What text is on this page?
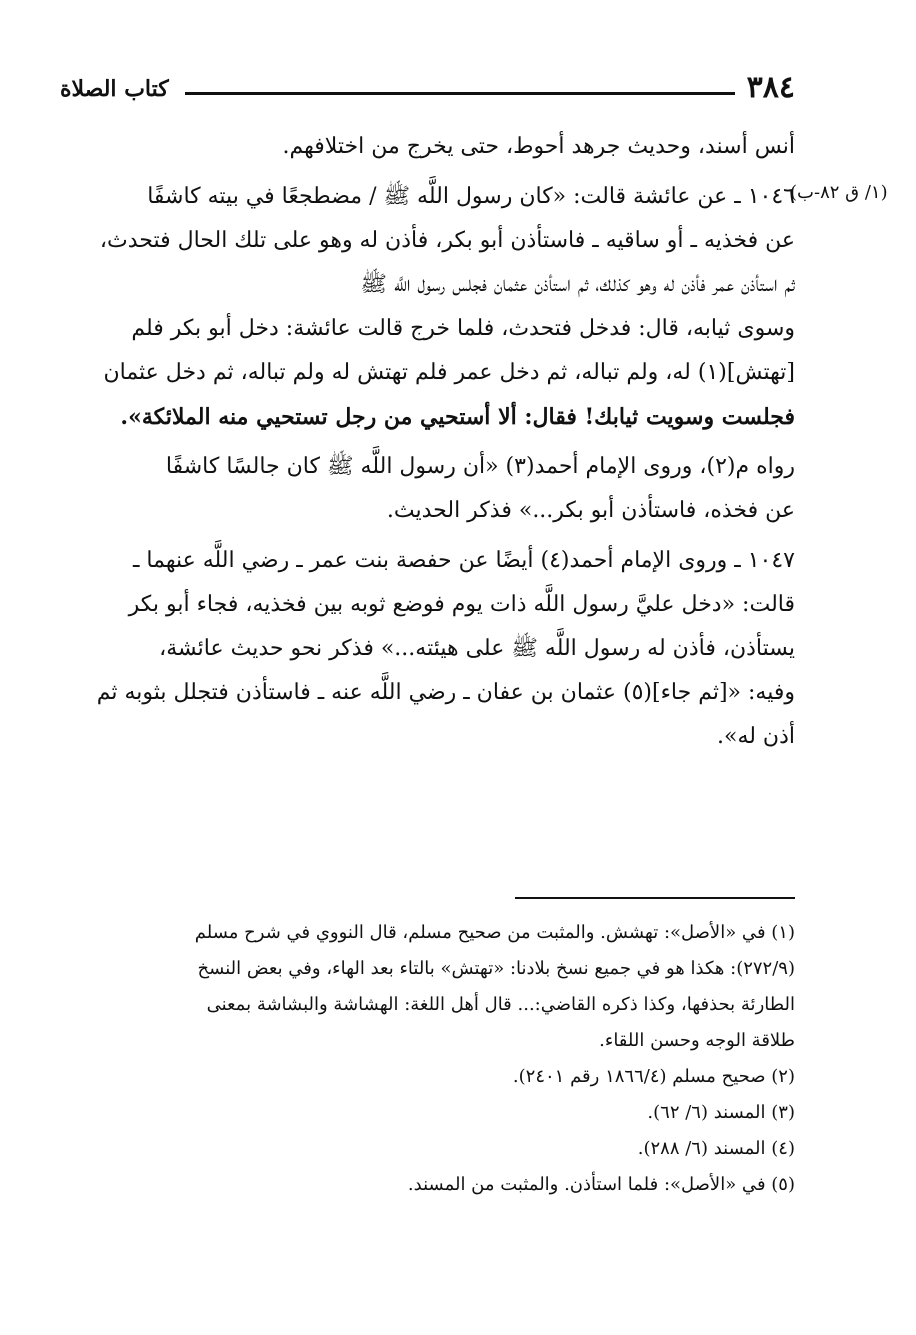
٣٨٤
كتاب الصلاة
(١/ ق ٨٢-ب)
أنس أسند، وحديث جرهد أحوط، حتى يخرج من اختلافهم.
١٠٤٦ ـ عن عائشة قالت: «كان رسول اللَّه ﷺ / مضطجعًا في بيته كاشفًا
عن فخذيه ـ أو ساقيه ـ فاستأذن أبو بكر، فأذن له وهو على تلك الحال فتحدث،
ثم استأذن عمر فأذن له وهو كذلك، ثم استأذن عثمان فجلس رسول اللَّه ﷺ
وسوى ثيابه، قال: فدخل فتحدث، فلما خرج قالت عائشة: دخل أبو بكر فلم
[تهتش](١) له، ولم تباله، ثم دخل عمر فلم تهتش له ولم تباله، ثم دخل عثمان
فجلست وسويت ثيابك! فقال: ألا أستحيي من رجل تستحيي منه الملائكة».
رواه م(٢)، وروى الإمام أحمد(٣) «أن رسول اللَّه ﷺ كان جالسًا كاشفًا
عن فخذه، فاستأذن أبو بكر...» فذكر الحديث.
١٠٤٧ ـ وروى الإمام أحمد(٤) أيضًا عن حفصة بنت عمر ـ رضي اللَّه عنهما ـ
قالت: «دخل عليَّ رسول اللَّه ذات يوم فوضع ثوبه بين فخذيه، فجاء أبو بكر
يستأذن، فأذن له رسول اللَّه ﷺ على هيئته...» فذكر نحو حديث عائشة،
وفيه: «[ثم جاء](٥) عثمان بن عفان ـ رضي اللَّه عنه ـ فاستأذن فتجلل بثوبه ثم
أذن له».
(١) في «الأصل»: تهشش. والمثبت من صحيح مسلم، قال النووي في شرح مسلم
(٢٧٢/٩): هكذا هو في جميع نسخ بلادنا: «تهتش» بالتاء بعد الهاء، وفي بعض النسخ
الطارئة بحذفها، وكذا ذكره القاضي:... قال أهل اللغة: الهشاشة والبشاشة بمعنى
طلاقة الوجه وحسن اللقاء.
(٢) صحيح مسلم (١٨٦٦/٤ رقم ٢٤٠١).
(٣) المسند (٦/ ٦٢).
(٤) المسند (٦/ ٢٨٨).
(٥) في «الأصل»: فلما استأذن. والمثبت من المسند.
